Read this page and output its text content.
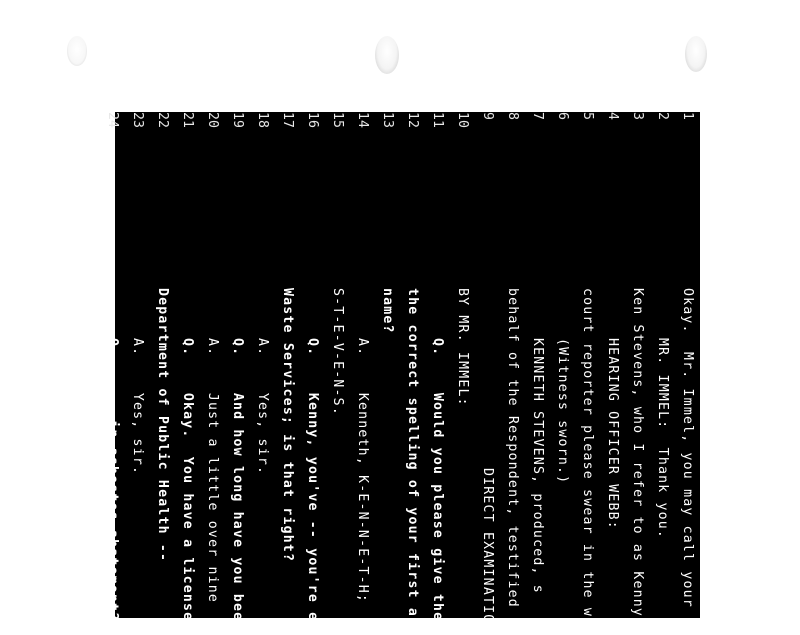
1
Okay.  Mr. Immel, you may call your
2
MR. IMMEL:  Thank you.
3
Ken Stevens, who I refer to as Kenny.
4
HEARING OFFICER WEBB:
5
court reporter please swear in the w
6
(Witness sworn.)
7
KENNETH STEVENS, produced, s
8
behalf of the Respondent, testified
9
DIRECT EXAMINATIO
10
BY MR. IMMEL:
11
Q.    Would you please give the
12
the correct spelling of your first and
13
name?
14
A.    Kenneth, K-E-N-N-E-T-H;
15
S-T-E-V-E-N-S.
16
Q.    Kenny, you've -- you're em
17
Waste Services; is that right?
18
A.    Yes, sir.
19
Q.    And how long have you been
20
A.    Just a little over nine
21
Q.    Okay.  You have a license
22
Department of Public Health --
23
A.    Yes, sir.
24
Q.    -- in asbestos abatement?
